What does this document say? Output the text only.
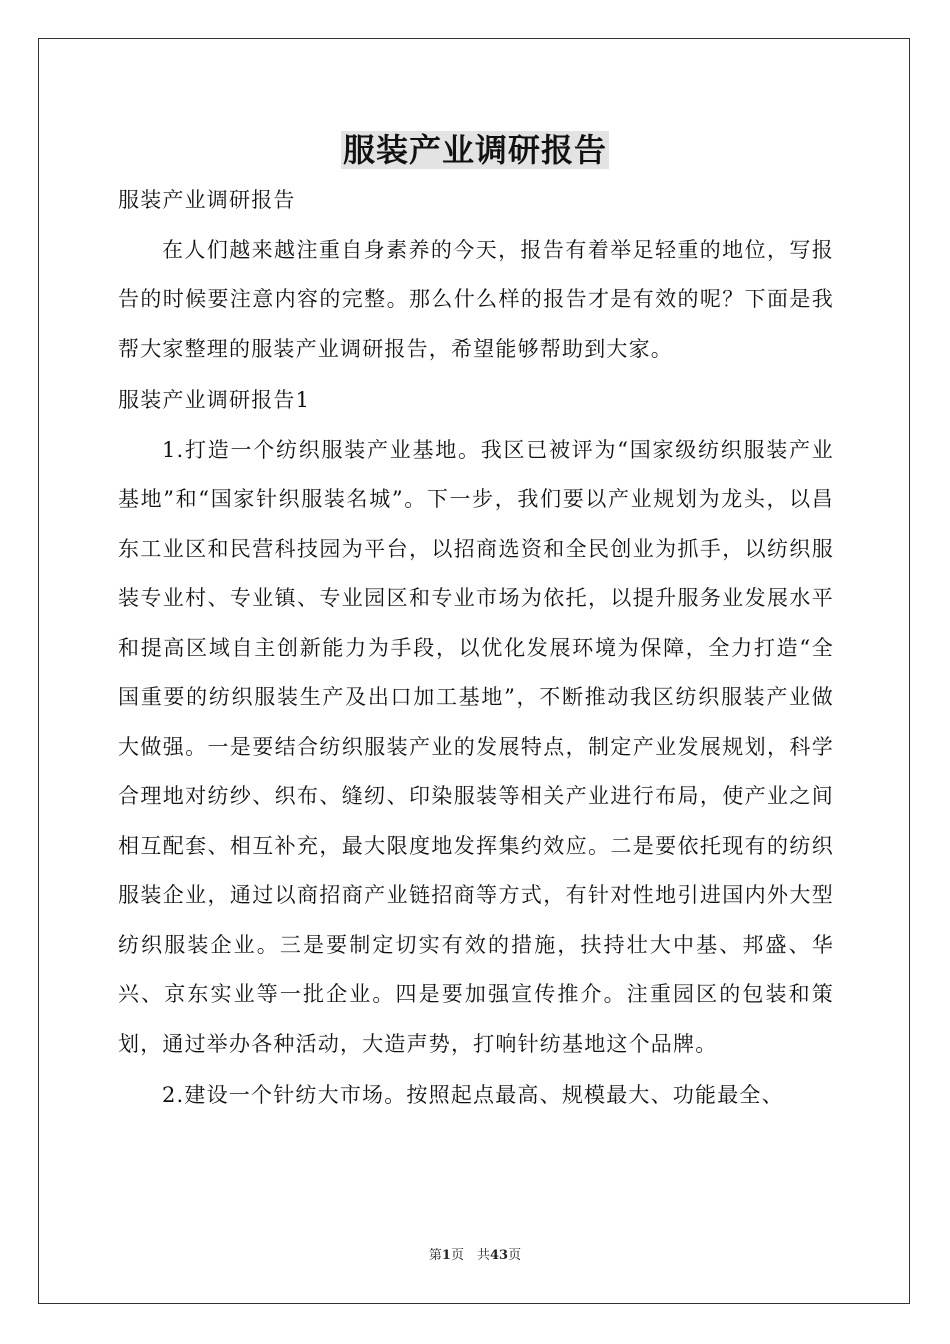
服装产业调研报告

服装产业调研报告

在人们越来越注重自身素养的今天，报告有着举足轻重的地位，写报告的时候要注意内容的完整。那么什么样的报告才是有效的呢？下面是我帮大家整理的服装产业调研报告，希望能够帮助到大家。

服装产业调研报告1

1.打造一个纺织服装产业基地。我区已被评为“国家级纺织服装产业基地”和“国家针织服装名城”。下一步，我们要以产业规划为龙头，以昌东工业区和民营科技园为平台，以招商选资和全民创业为抓手，以纺织服装专业村、专业镇、专业园区和专业市场为依托，以提升服务业发展水平和提高区域自主创新能力为手段，以优化发展环境为保障，全力打造“全国重要的纺织服装生产及出口加工基地”，不断推动我区纺织服装产业做大做强。一是要结合纺织服装产业的发展特点，制定产业发展规划，科学合理地对纺纱、织布、缝纫、印染服装等相关产业进行布局，使产业之间相互配套、相互补充，最大限度地发挥集约效应。二是要依托现有的纺织服装企业，通过以商招商产业链招商等方式，有针对性地引进国内外大型纺织服装企业。三是要制定切实有效的措施，扶持壮大中基、邦盛、华兴、京东实业等一批企业。四是要加强宣传推介。注重园区的包装和策划，通过举办各种活动，大造声势，打响针纺基地这个品牌。

2.建设一个针纺大市场。按照起点最高、规模最大、功能最全、

第1页　共43页
